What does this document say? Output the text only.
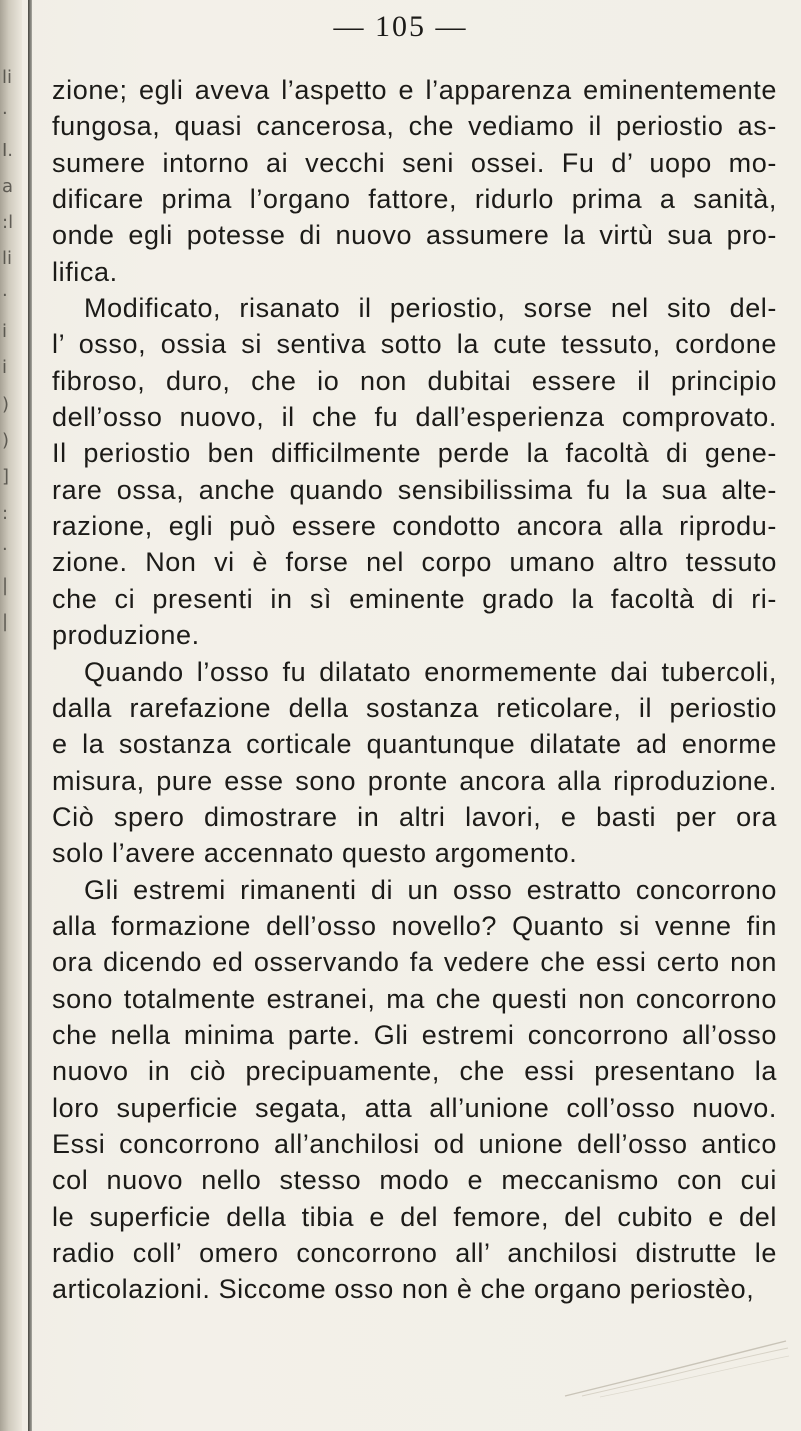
li
·
I.
a
:l
li
·
i
i
)
)
]
:
·
|
|
— 105 —
zione; egli aveva l’aspetto e l’apparenza eminentemente
fungosa, quasi cancerosa, che vediamo il periostio as-
sumere intorno ai vecchi seni ossei. Fu d’ uopo mo-
dificare prima l’organo fattore, ridurlo prima a sanità,
onde egli potesse di nuovo assumere la virtù sua pro-
lifica.
Modificato, risanato il periostio, sorse nel sito del-
l’ osso, ossia si sentiva sotto la cute tessuto, cordone
fibroso, duro, che io non dubitai essere il principio
dell’osso nuovo, il che fu dall’esperienza comprovato.
Il periostio ben difficilmente perde la facoltà di gene-
rare ossa, anche quando sensibilissima fu la sua alte-
razione, egli può essere condotto ancora alla riprodu-
zione. Non vi è forse nel corpo umano altro tessuto
che ci presenti in sì eminente grado la facoltà di ri-
produzione.
Quando l’osso fu dilatato enormemente dai tubercoli,
dalla rarefazione della sostanza reticolare, il periostio
e la sostanza corticale quantunque dilatate ad enorme
misura, pure esse sono pronte ancora alla riproduzione.
Ciò spero dimostrare in altri lavori, e basti per ora
solo l’avere accennato questo argomento.
Gli estremi rimanenti di un osso estratto concorrono
alla formazione dell’osso novello? Quanto si venne fin
ora dicendo ed osservando fa vedere che essi certo non
sono totalmente estranei, ma che questi non concorrono
che nella minima parte. Gli estremi concorrono all’osso
nuovo in ciò precipuamente, che essi presentano la
loro superficie segata, atta all’unione coll’osso nuovo.
Essi concorrono all’anchilosi od unione dell’osso antico
col nuovo nello stesso modo e meccanismo con cui
le superficie della tibia e del femore, del cubito e del
radio coll’ omero concorrono all’ anchilosi distrutte le
articolazioni. Siccome osso non è che organo periostèo,
